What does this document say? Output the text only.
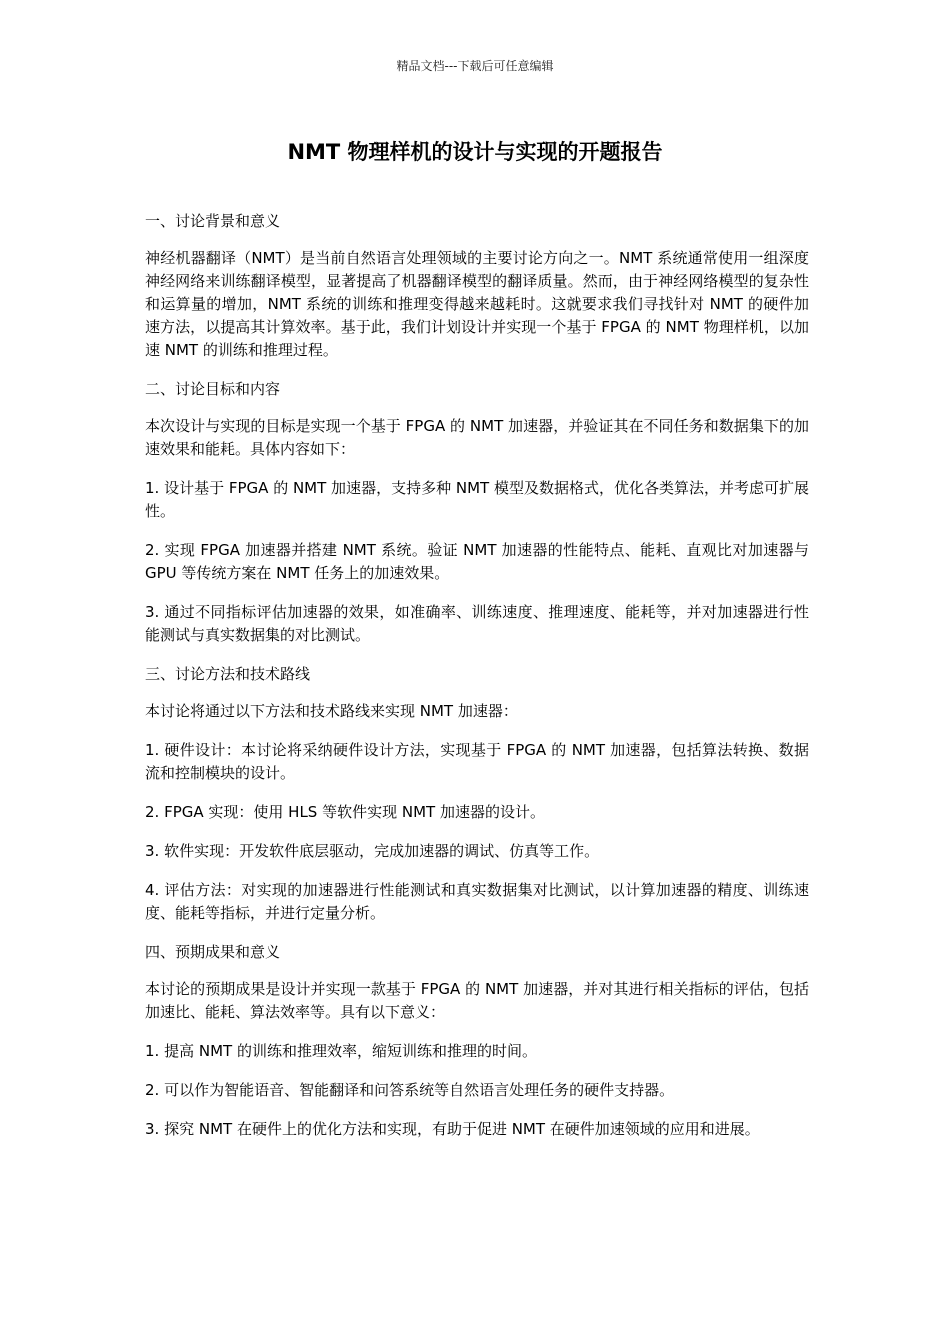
精品文档---下载后可任意编辑
NMT 物理样机的设计与实现的开题报告

一、讨论背景和意义

神经机器翻译（NMT）是当前自然语言处理领域的主要讨论方向之一。NMT 系统通常使用一组深度神经网络来训练翻译模型，显著提高了机器翻译模型的翻译质量。然而，由于神经网络模型的复杂性和运算量的增加，NMT 系统的训练和推理变得越来越耗时。这就要求我们寻找针对 NMT 的硬件加速方法，以提高其计算效率。基于此，我们计划设计并实现一个基于 FPGA 的 NMT 物理样机，以加速 NMT 的训练和推理过程。

二、讨论目标和内容

本次设计与实现的目标是实现一个基于 FPGA 的 NMT 加速器，并验证其在不同任务和数据集下的加速效果和能耗。具体内容如下：

1. 设计基于 FPGA 的 NMT 加速器，支持多种 NMT 模型及数据格式，优化各类算法，并考虑可扩展性。

2. 实现 FPGA 加速器并搭建 NMT 系统。验证 NMT 加速器的性能特点、能耗、直观比对加速器与 GPU 等传统方案在 NMT 任务上的加速效果。

3. 通过不同指标评估加速器的效果，如准确率、训练速度、推理速度、能耗等，并对加速器进行性能测试与真实数据集的对比测试。

三、讨论方法和技术路线

本讨论将通过以下方法和技术路线来实现 NMT 加速器：

1. 硬件设计：本讨论将采纳硬件设计方法，实现基于 FPGA 的 NMT 加速器，包括算法转换、数据流和控制模块的设计。

2. FPGA 实现：使用 HLS 等软件实现 NMT 加速器的设计。

3. 软件实现：开发软件底层驱动，完成加速器的调试、仿真等工作。

4. 评估方法：对实现的加速器进行性能测试和真实数据集对比测试，以计算加速器的精度、训练速度、能耗等指标，并进行定量分析。

四、预期成果和意义

本讨论的预期成果是设计并实现一款基于 FPGA 的 NMT 加速器，并对其进行相关指标的评估，包括加速比、能耗、算法效率等。具有以下意义：

1. 提高 NMT 的训练和推理效率，缩短训练和推理的时间。

2. 可以作为智能语音、智能翻译和问答系统等自然语言处理任务的硬件支持器。

3. 探究 NMT 在硬件上的优化方法和实现，有助于促进 NMT 在硬件加速领域的应用和进展。
